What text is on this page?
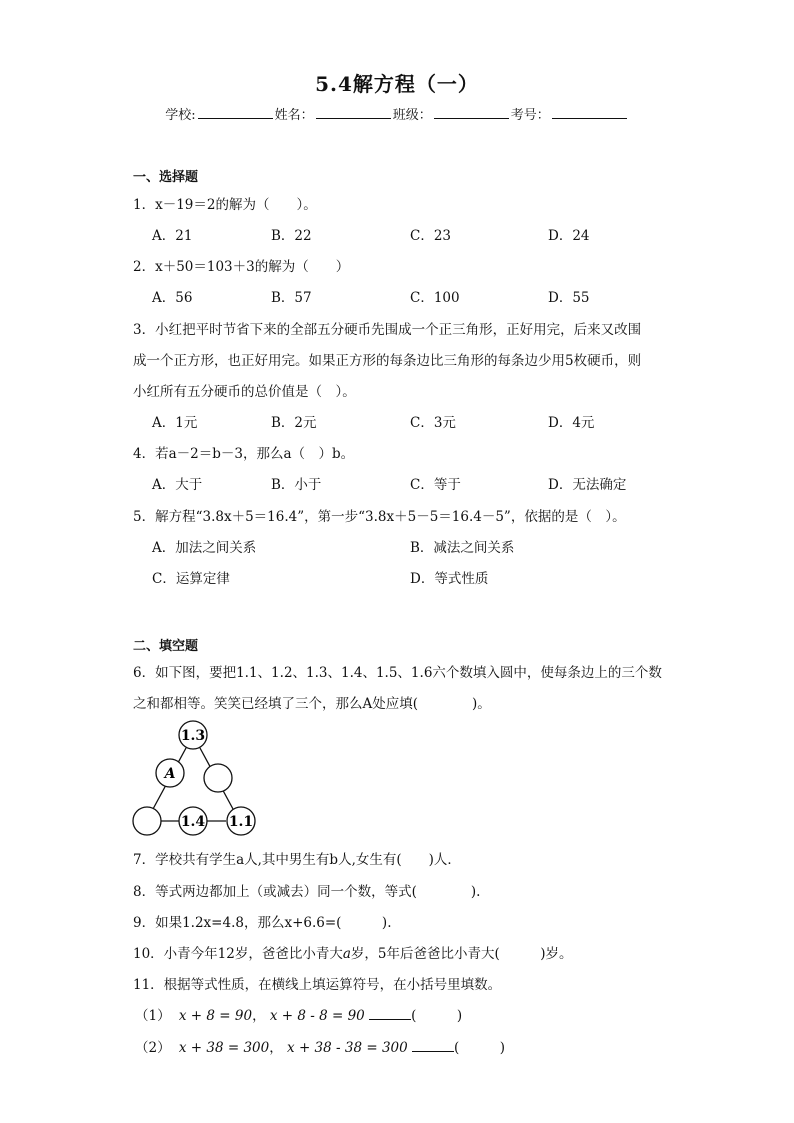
5.4解方程（一）
学校:	姓名：	班级：	考号：
一、选择题
1．x－19＝2的解为（　　）。
A．21	B．22	C．23	D．24
2．x＋50＝103＋3的解为（　　）
A．56	B．57	C．100	D．55
3．小红把平时节省下来的全部五分硬币先围成一个正三角形，正好用完，后来又改围
成一个正方形，也正好用完。如果正方形的每条边比三角形的每条边少用5枚硬币，则
小红所有五分硬币的总价值是（　）。
A．1元	B．2元	C．3元	D．4元
4．若a－2＝b－3，那么a（　）b。
A．大于	B．小于	C．等于	D．无法确定
5．解方程“3.8x＋5＝16.4”，第一步“3.8x＋5－5＝16.4－5”，依据的是（　）。
A．加法之间关系	B．减法之间关系
C．运算定律	D．等式性质
二、填空题
6．如下图，要把1.1、1.2、1.3、1.4、1.5、1.6六个数填入圆中，使每条边上的三个数
之和都相等。笑笑已经填了三个，那么A处应填(　　　　)。
1.3
A
1.4 1.1
7．学校共有学生a人,其中男生有b人,女生有(　　)人．
8．等式两边都加上（或减去）同一个数，等式(　　　　).
9．如果1.2x=4.8，那么x+6.6=(　　　).
10．小青今年12岁，爸爸比小青大a岁，5年后爸爸比小青大(　　　)岁。
11．根据等式性质，在横线上填运算符号，在小括号里填数。
（1） x + 8 = 90， x + 8 - 8 = 90	(　　　)
（2） x + 38 = 300， x + 38 - 38 = 300	(　　　)
